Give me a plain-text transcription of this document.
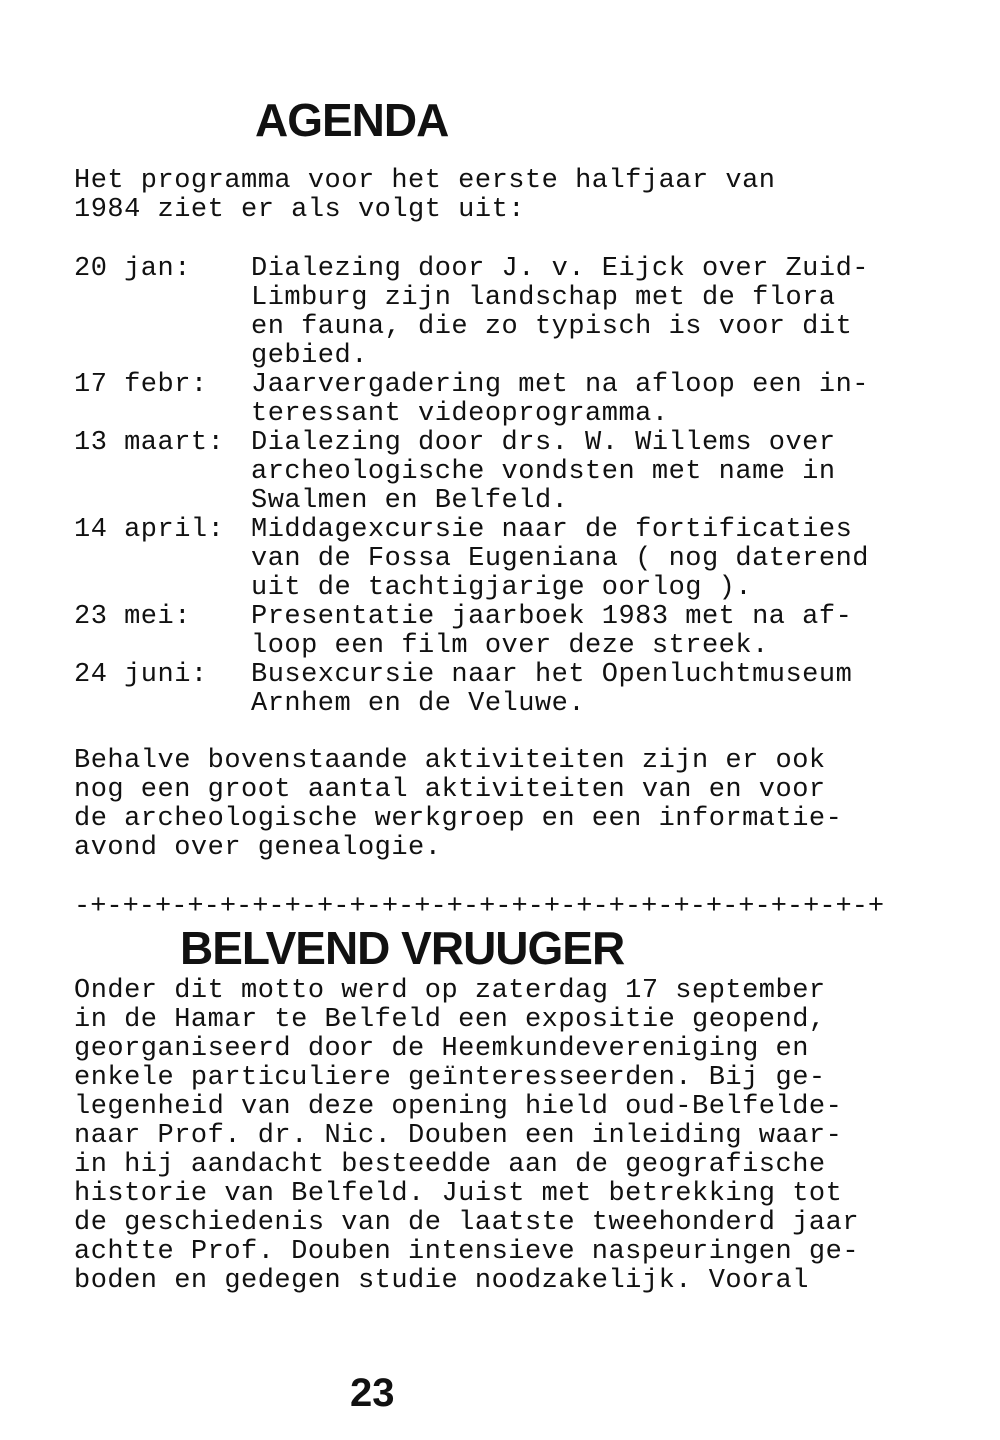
AGENDA

Het programma voor het eerste halfjaar van
1984 ziet er als volgt uit:

20 jan:	Dialezing door J. v. Eijck over Zuid-
Limburg zijn landschap met de flora
en fauna, die zo typisch is voor dit
gebied.
17 febr:	Jaarvergadering met na afloop een in-
teressant videoprogramma.
13 maart: Dialezing door drs. W. Willems over
archeologische vondsten met name in
Swalmen en Belfeld.
14 april: Middagexcursie naar de fortificaties
van de Fossa Eugeniana ( nog daterend
uit de tachtigjarige oorlog ).
23 mei:	Presentatie jaarboek 1983 met na af-
loop een film over deze streek.
24 juni:	Busexcursie naar het Openluchtmuseum
Arnhem en de Veluwe.

Behalve bovenstaande aktiviteiten zijn er ook
nog een groot aantal aktiviteiten van en voor
de archeologische werkgroep en een informatie-
avond over genealogie.

-+-+-+-+-+-+-+-+-+-+-+-+-+-+-+-+-+-+-+-+-+-+-+-+-+
BELVEND VRUUGER

Onder dit motto werd op zaterdag 17 september
in de Hamar te Belfeld een expositie geopend,
georganiseerd door de Heemkundevereniging en
enkele particuliere geïnteresseerden. Bij ge-
legenheid van deze opening hield oud-Belfelde-
naar Prof. dr. Nic. Douben een inleiding waar-
in hij aandacht besteedde aan de geografische
historie van Belfeld. Juist met betrekking tot
de geschiedenis van de laatste tweehonderd jaar
achtte Prof. Douben intensieve naspeuringen ge-
boden en gedegen studie noodzakelijk. Vooral

23
